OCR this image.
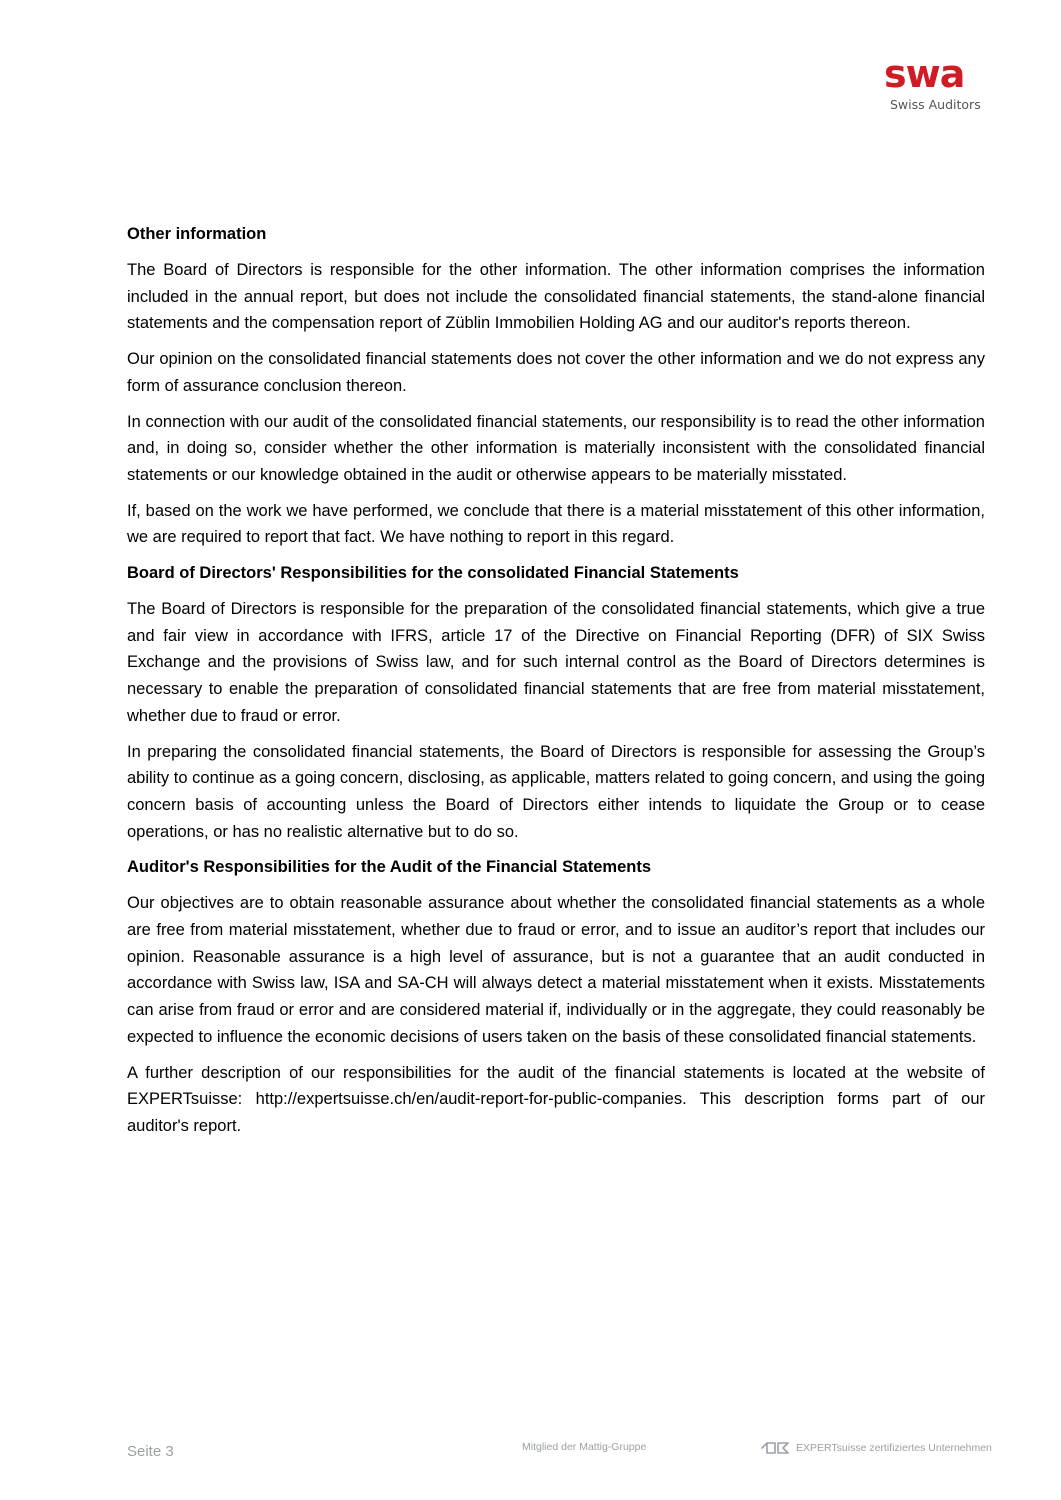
swa
Swiss Auditors
Other information

The Board of Directors is responsible for the other information. The other information comprises the information included in the annual report, but does not include the consolidated financial statements, the stand-alone financial statements and the compensation report of Züblin Immobilien Holding AG and our auditor's reports thereon.

Our opinion on the consolidated financial statements does not cover the other information and we do not express any form of assurance conclusion thereon.

In connection with our audit of the consolidated financial statements, our responsibility is to read the other information and, in doing so, consider whether the other information is materially inconsistent with the consolidated financial statements or our knowledge obtained in the audit or otherwise appears to be materially misstated.

If, based on the work we have performed, we conclude that there is a material misstatement of this other information, we are required to report that fact. We have nothing to report in this regard.

Board of Directors' Responsibilities for the consolidated Financial Statements

The Board of Directors is responsible for the preparation of the consolidated financial statements, which give a true and fair view in accordance with IFRS, article 17 of the Directive on Financial Reporting (DFR) of SIX Swiss Exchange and the provisions of Swiss law, and for such internal control as the Board of Directors determines is necessary to enable the preparation of consolidated financial statements that are free from material misstatement, whether due to fraud or error.

In preparing the consolidated financial statements, the Board of Directors is responsible for assessing the Group’s ability to continue as a going concern, disclosing, as applicable, matters related to going concern, and using the going concern basis of accounting unless the Board of Directors either intends to liquidate the Group or to cease operations, or has no realistic alternative but to do so.

Auditor's Responsibilities for the Audit of the Financial Statements

Our objectives are to obtain reasonable assurance about whether the consolidated financial statements as a whole are free from material misstatement, whether due to fraud or error, and to issue an auditor’s report that includes our opinion. Reasonable assurance is a high level of assurance, but is not a guarantee that an audit conducted in accordance with Swiss law, ISA and SA-CH will always detect a material misstatement when it exists. Misstatements can arise from fraud or error and are considered material if, individually or in the aggregate, they could reasonably be expected to influence the economic decisions of users taken on the basis of these consolidated financial statements.

A further description of our responsibilities for the audit of the financial statements is located at the website of EXPERTsuisse: http://expertsuisse.ch/en/audit-report-for-public-companies. This description forms part of our auditor's report.

Seite 3	Mitglied der Mattig-Gruppe	EXPERTsuisse zertifiziertes Unternehmen
